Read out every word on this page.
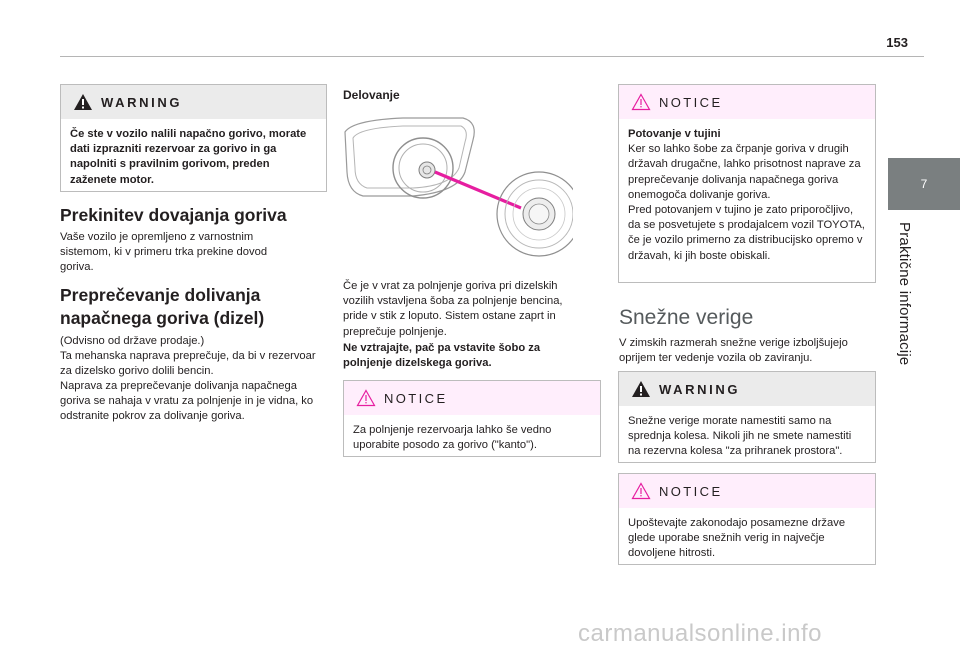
153
7
Praktične informacije
WARNING
Če ste v vozilo nalili napačno gorivo, morate dati izprazniti rezervoar za gorivo in ga napolniti s pravilnim gorivom, preden zaženete motor.
Prekinitev dovajanja goriva
Vaše vozilo je opremljeno z varnostnim sistemom, ki v primeru trka prekine dovod goriva.
Preprečevanje dolivanja
napačnega goriva (dizel)
(Odvisno od države prodaje.)
Ta mehanska naprava preprečuje, da bi v rezervoar za dizelsko gorivo dolili bencin.
Naprava za preprečevanje dolivanja napačnega goriva se nahaja v vratu za polnjenje in je vidna, ko odstranite pokrov za dolivanje goriva.
Delovanje
Če je v vrat za polnjenje goriva pri dizelskih vozilih vstavljena šoba za polnjenje bencina, pride v stik z loputo. Sistem ostane zaprt in preprečuje polnjenje.
Ne vztrajajte, pač pa vstavite šobo za polnjenje dizelskega goriva.
NOTICE
Za polnjenje rezervoarja lahko še vedno uporabite posodo za gorivo ("kanto").
NOTICE
Potovanje v tujini
Ker so lahko šobe za črpanje goriva v drugih državah drugačne, lahko prisotnost naprave za preprečevanje dolivanja napačnega goriva onemogoča dolivanje goriva.
Pred potovanjem v tujino je zato priporočljivo, da se posvetujete s prodajalcem vozil TOYOTA, če je vozilo primerno za distribucijsko opremo v državah, ki jih boste obiskali.
Snežne verige
V zimskih razmerah snežne verige izboljšujejo oprijem ter vedenje vozila ob zaviranju.
WARNING
Snežne verige morate namestiti samo na sprednja kolesa. Nikoli jih ne smete namestiti na rezervna kolesa "za prihranek prostora".
NOTICE
Upoštevajte zakonodajo posamezne države glede uporabe snežnih verig in največje dovoljene hitrosti.
carmanualsonline.info
